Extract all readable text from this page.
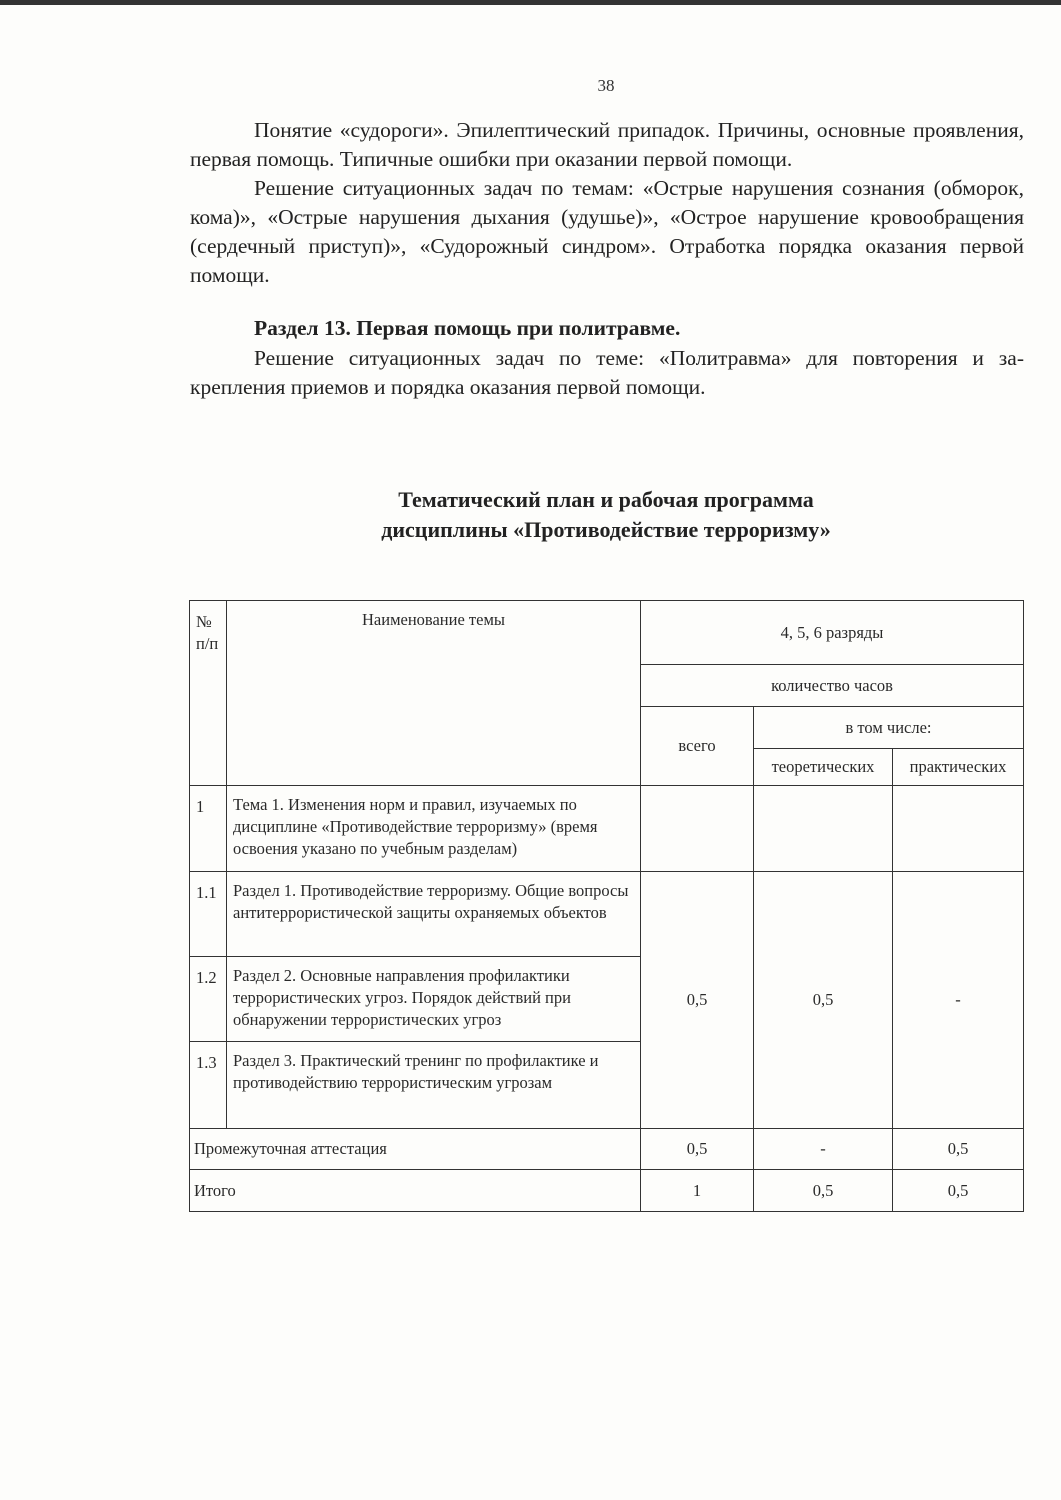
38

Понятие «судороги». Эпилептический припадок. Причины, основные проявления, первая помощь. Типичные ошибки при оказании первой помощи.

Решение ситуационных задач по темам: «Острые нарушения сознания (обморок, кома)», «Острые нарушения дыхания (удушье)», «Острое нарушение кровообращения (сердечный приступ)», «Судорожный синдром». Отработка порядка оказания первой помощи.

Раздел 13. Первая помощь при политравме.

Решение ситуационных задач по теме: «Политравма» для повторения и закрепления приемов и порядка оказания первой помощи.

Тематический план и рабочая программа
дисциплины «Противодействие терроризму»
№ п/п	Наименование темы	4, 5, 6 разряды		
		количество часов		
		всего	в том числе:	
			теоретических	практических
1	Тема 1. Изменения норм и правил, изучаемых по дисциплине «Противодействие терроризму» (время освоения указано по учебным разделам)			
1.1	Раздел 1. Противодействие терроризму. Общие вопросы антитеррористической защиты охраняемых объектов	0,5	0,5	-
1.2	Раздел 2. Основные направления профилактики террористических угроз. Порядок действий при обнаружении террористических угроз			
1.3	Раздел 3. Практический тренинг по профилактике и противодействию террористическим угрозам			
Промежуточная аттестация		0,5	-	0,5
Итого		1	0,5	0,5
